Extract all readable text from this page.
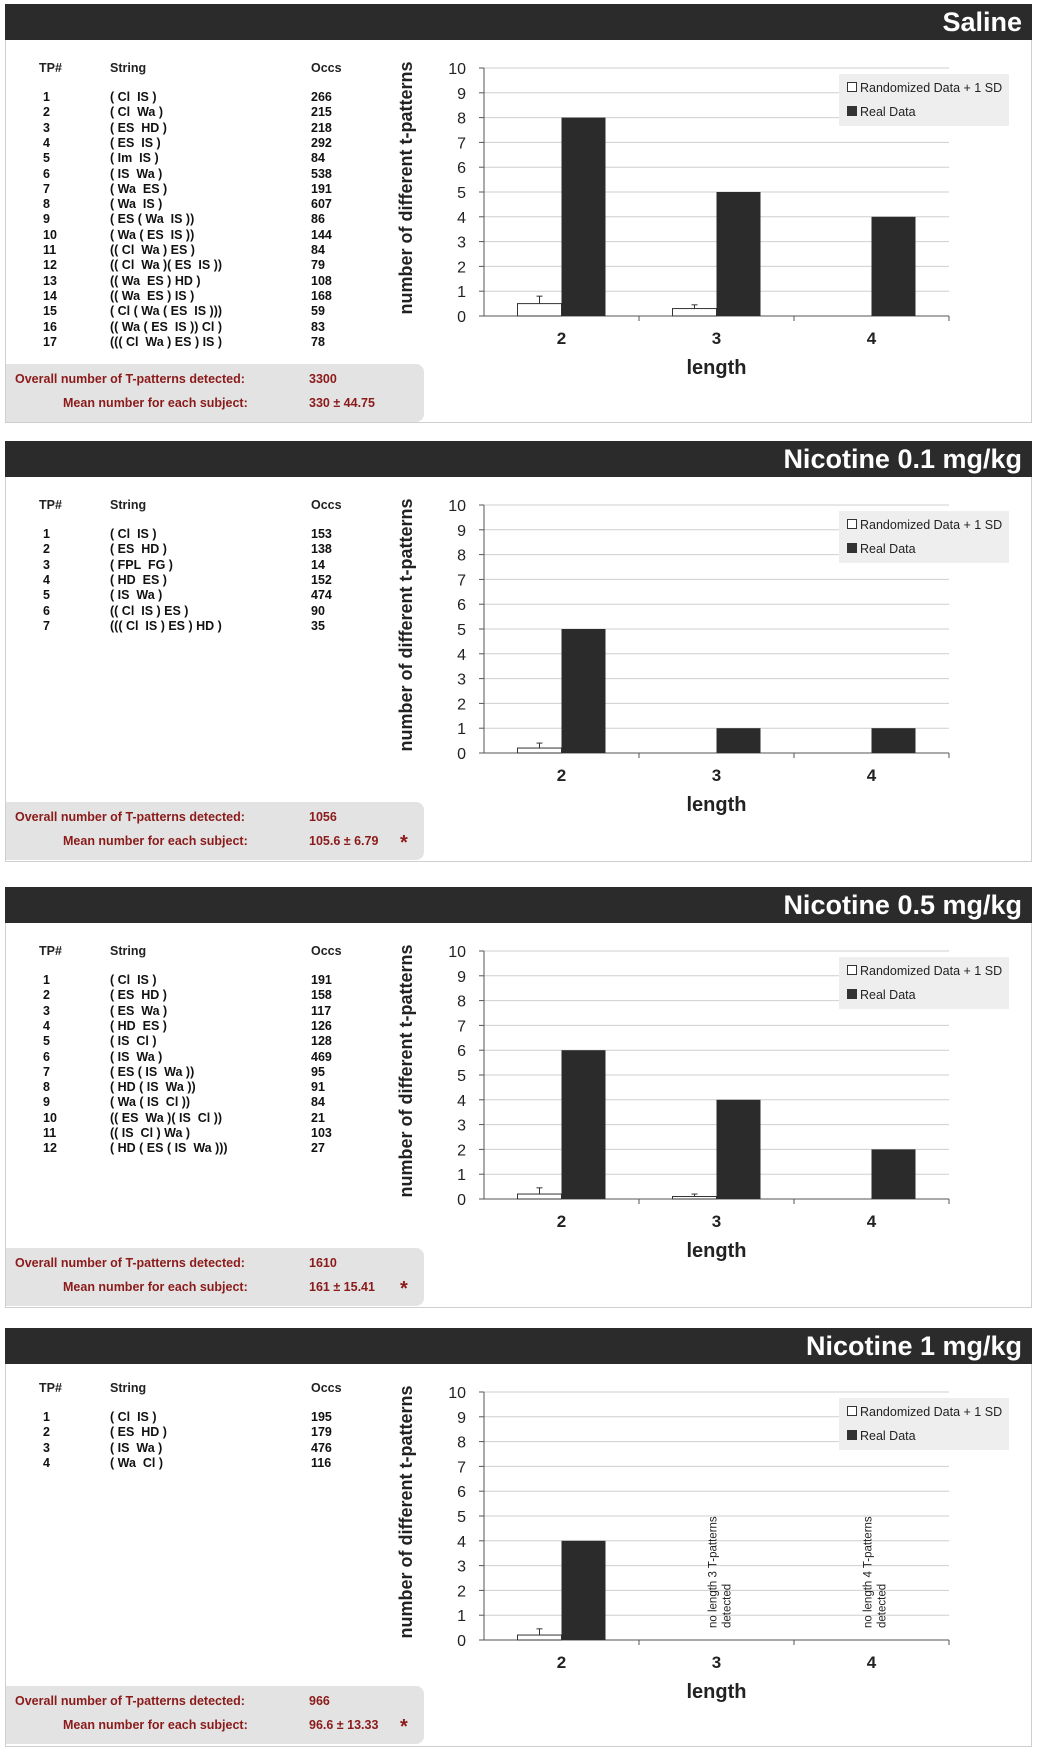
Saline
TP#	String	Occs
1	( Cl  IS )	266
2	( Cl  Wa )	215
3	( ES  HD )	218
4	( ES  IS )	292
5	( Im  IS )	84
6	( IS  Wa )	538
7	( Wa  ES )	191
8	( Wa  IS )	607
9	( ES ( Wa  IS ))	86
10	( Wa ( ES  IS ))	144
11	(( Cl  Wa ) ES )	84
12	(( Cl  Wa )( ES  IS ))	79
13	(( Wa  ES ) HD )	108
14	(( Wa  ES ) IS )	168
15	( Cl ( Wa ( ES  IS )))	59
16	(( Wa ( ES  IS )) Cl )	83
17	((( Cl  Wa ) ES ) IS )	78
Overall number of T-patterns detected:	3300
Mean number for each subject:	330 ± 44.75
0
1
2
3
4
5
6
7
8
9
10
2	3	4
length
number of different t-patterns	Randomized Data + 1 SD
Real Data
Nicotine 0.1 mg/kg
TP#	String	Occs
1	( Cl  IS )	153
2	( ES  HD )	138
3	( FPL  FG )	14
4	( HD  ES )	152
5	( IS  Wa )	474
6	(( Cl  IS ) ES )	90
7	((( Cl  IS ) ES ) HD )	35
Overall number of T-patterns detected:	1056
Mean number for each subject:	105.6 ± 6.79 *
0
1
2
3
4
5
6
7
8
9
10
2	3	4
length
number of different t-patterns	Randomized Data + 1 SD
Real Data
Nicotine 0.5 mg/kg
TP#	String	Occs
1	( Cl  IS )	191
2	( ES  HD )	158
3	( ES  Wa )	117
4	( HD  ES )	126
5	( IS  Cl )	128
6	( IS  Wa )	469
7	( ES ( IS  Wa ))	95
8	( HD ( IS  Wa ))	91
9	( Wa ( IS  Cl ))	84
10	(( ES  Wa )( IS  Cl ))	21
11	(( IS  Cl ) Wa )	103
12	( HD ( ES ( IS  Wa )))	27
Overall number of T-patterns detected:	1610
Mean number for each subject:	161 ± 15.41 *
0
1
2
3
4
5
6
7
8
9
10
2	3	4
length
number of different t-patterns	Randomized Data + 1 SD
Real Data
Nicotine 1 mg/kg
TP#	String	Occs
1	( Cl  IS )	195
2	( ES  HD )	179
3	( IS  Wa )	476
4	( Wa  Cl )	116
Overall number of T-patterns detected:	966
Mean number for each subject:	96.6 ± 13.33 *
0
1
2
3
4
5
6
7
8
9
10
2	3	4
no length 3 T-patterns detected	no length 4 T-patterns detected
length
number of different t-patterns	Randomized Data + 1 SD
Real Data
